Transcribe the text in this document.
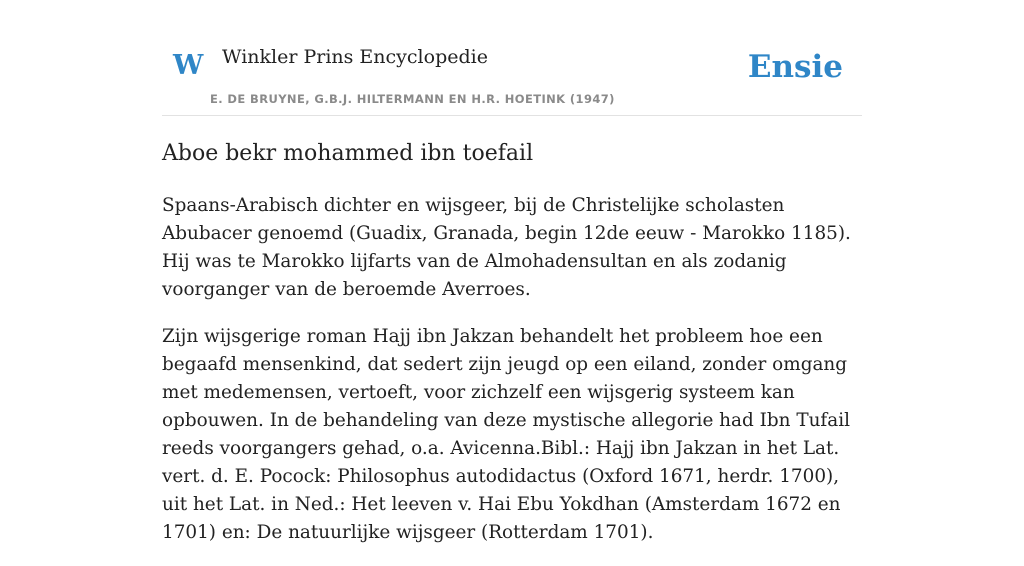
W Winkler Prins Encyclopedie
E. DE BRUYNE, G.B.J. HILTERMANN EN H.R. HOETINK (1947)
Ensie
Aboe bekr mohammed ibn toefail

Spaans-Arabisch dichter en wijsgeer, bij de Christelijke scholasten Abubacer genoemd (Guadix, Granada, begin 12de eeuw - Marokko 1185). Hij was te Marokko lijfarts van de Almohadensultan en als zodanig voorganger van de beroemde Averroes.

Zijn wijsgerige roman Hajj ibn Jakzan behandelt het probleem hoe een begaafd mensenkind, dat sedert zijn jeugd op een eiland, zonder omgang met medemensen, vertoeft, voor zichzelf een wijsgerig systeem kan opbouwen. In de behandeling van deze mystische allegorie had Ibn Tufail reeds voorgangers gehad, o.a. Avicenna.Bibl.: Hajj ibn Jakzan in het Lat. vert. d. E. Pocock: Philosophus autodidactus (Oxford 1671, herdr. 1700), uit het Lat. in Ned.: Het leeven v. Hai Ebu Yokdhan (Amsterdam 1672 en 1701) en: De natuurlijke wijsgeer (Rotterdam 1701).
